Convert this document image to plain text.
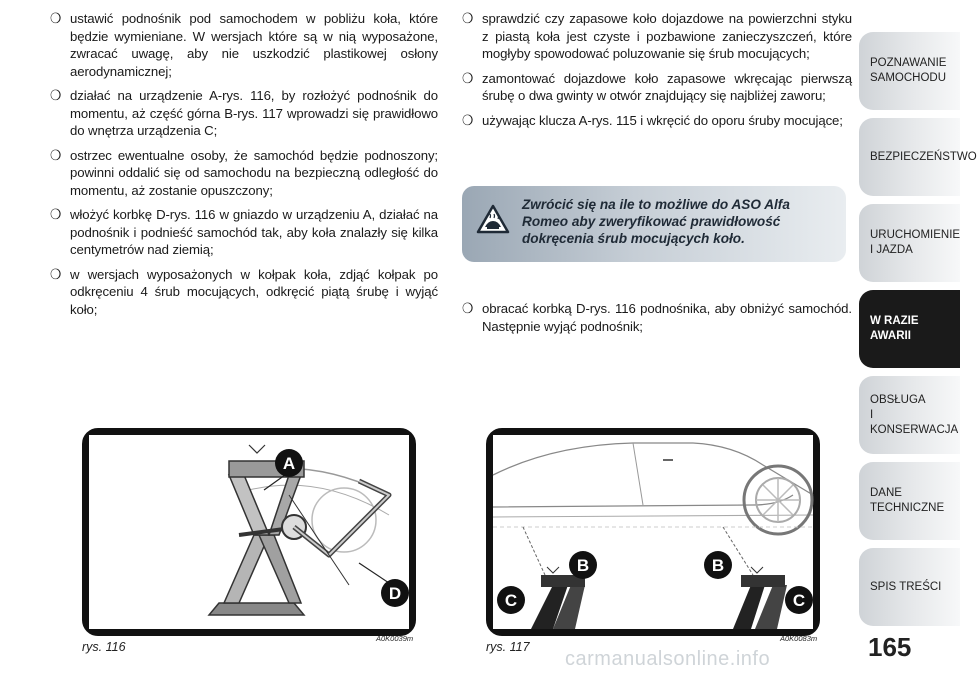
❍ ustawić podnośnik pod samochodem w pobliżu koła, które będzie wymieniane. W wersjach które są w nią wyposażone, zwracać uwagę, aby nie uszkodzić plastikowej osłony aerodynamicznej;

❍ działać na urządzenie A-rys. 116, by rozłożyć podnośnik do momentu, aż część górna B-rys. 117 wprowadzi się prawidłowo do wnętrza urządzenia C;

❍ ostrzec ewentualne osoby, że samochód będzie podnoszony; powinni oddalić się od samochodu na bezpieczną odległość do momentu, aż zostanie opuszczony;

❍ włożyć korbkę D-rys. 116 w gniazdo w urządzeniu A, działać na podnośnik i podnieść samochód tak, aby koła znalazły się kilka centymetrów nad ziemią;

❍ w wersjach wyposażonych w kołpak koła, zdjąć kołpak po odkręceniu 4 śrub mocujących, odkręcić piątą śrubę i wyjąć koło;

❍ sprawdzić czy zapasowe koło dojazdowe na powierzchni styku z piastą koła jest czyste i pozbawione zanieczyszczeń, które mogłyby spowodować poluzowanie się śrub mocujących;

❍ zamontować dojazdowe koło zapasowe wkręcając pierwszą śrubę o dwa gwinty w otwór znajdujący się najbliżej zaworu;

❍ używając klucza A-rys. 115 i wkręcić do oporu śruby mocujące;

Zwrócić się na ile to możliwe do ASO Alfa Romeo aby zweryfikować prawidłowość dokręcenia śrub mocujących koło.

❍ obracać korbką D-rys. 116 podnośnika, aby obniżyć samochód. Następnie wyjąć podnośnik;

A
D
B	B
C	C
rys. 116
A0K0039m
rys. 117
A0K0083m
carmanualsonline.info	165
POZNAWANIE
SAMOCHODU
BEZPIECZEŃSTWO
URUCHOMIENIE
I JAZDA
W RAZIE AWARII
OBSŁUGA
I KONSERWACJA
DANE
TECHNICZNE
SPIS TREŚCI
